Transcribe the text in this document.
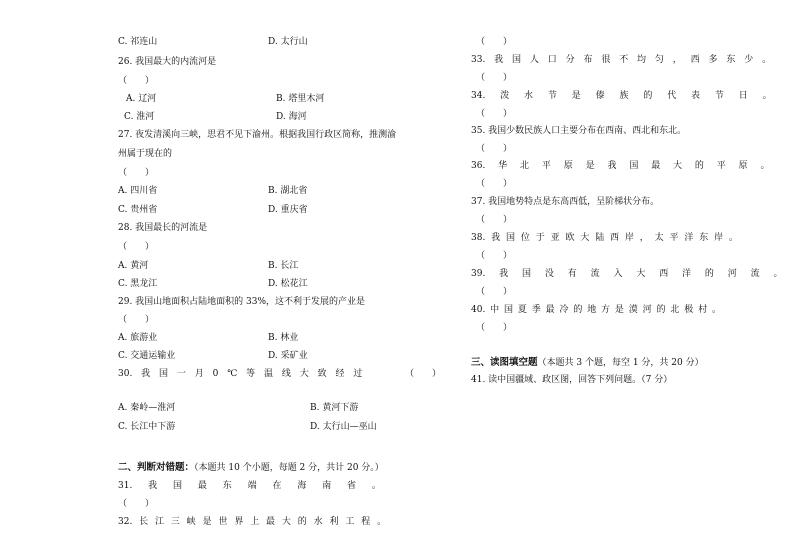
C. 祁连山	D. 太行山
26. 我国最大的内流河是
（　　）
A. 辽河	B. 塔里木河
C. 淮河	D. 海河
27. 夜发清溪向三峡，思君不见下渝州。根据我国行政区简称，推测渝
州属于现在的
（　　）
A. 四川省	B. 湖北省
C. 贵州省	D. 重庆省
28. 我国最长的河流是
（　　）
A. 黄河	B. 长江
C. 黑龙江	D. 松花江
29. 我国山地面积占陆地面积的 33%，这不利于发展的产业是
（　　）
A. 旅游业	B. 林业
C. 交通运输业	D. 采矿业
30. 我 国 一 月 0 ℃ 等 温 线 大 致 经 过	（　　）
A. 秦岭—淮河	B. 黄河下游
C. 长江中下游	D. 太行山—巫山
二、判断对错题：（本题共 10 个小题，每题 2 分，共计 20 分。）
31. 我 国 最 东 端 在 海 南 省 。
（　　）
32. 长 江 三 峡 是 世 界 上 最 大 的 水 利 工 程 。
（　　）
33. 我 国 人 口 分 布 很 不 均 匀 ， 西 多 东 少 。
（　　）
34. 泼 水 节 是 傣 族 的 代 表 节 日 。
（　　）
35. 我国少数民族人口主要分布在西南、西北和东北。
（　　）
36. 华 北 平 原 是 我 国 最 大 的 平 原 。
（　　）
37. 我国地势特点是东高西低，呈阶梯状分布。
（　　）
38. 我 国 位 于 亚 欧 大 陆 西 岸 ， 太 平 洋 东 岸 。
（　　）
39. 我 国 没 有 流 入 大 西 洋 的 河 流 。
（　　）
40. 中 国 夏 季 最 冷 的 地 方 是 漠 河 的 北 极 村 。
（　　）
三、读图填空题（本题共 3 个题，每空 1 分，共 20 分）
41. 读中国疆域、政区图，回答下列问题。（7 分）
